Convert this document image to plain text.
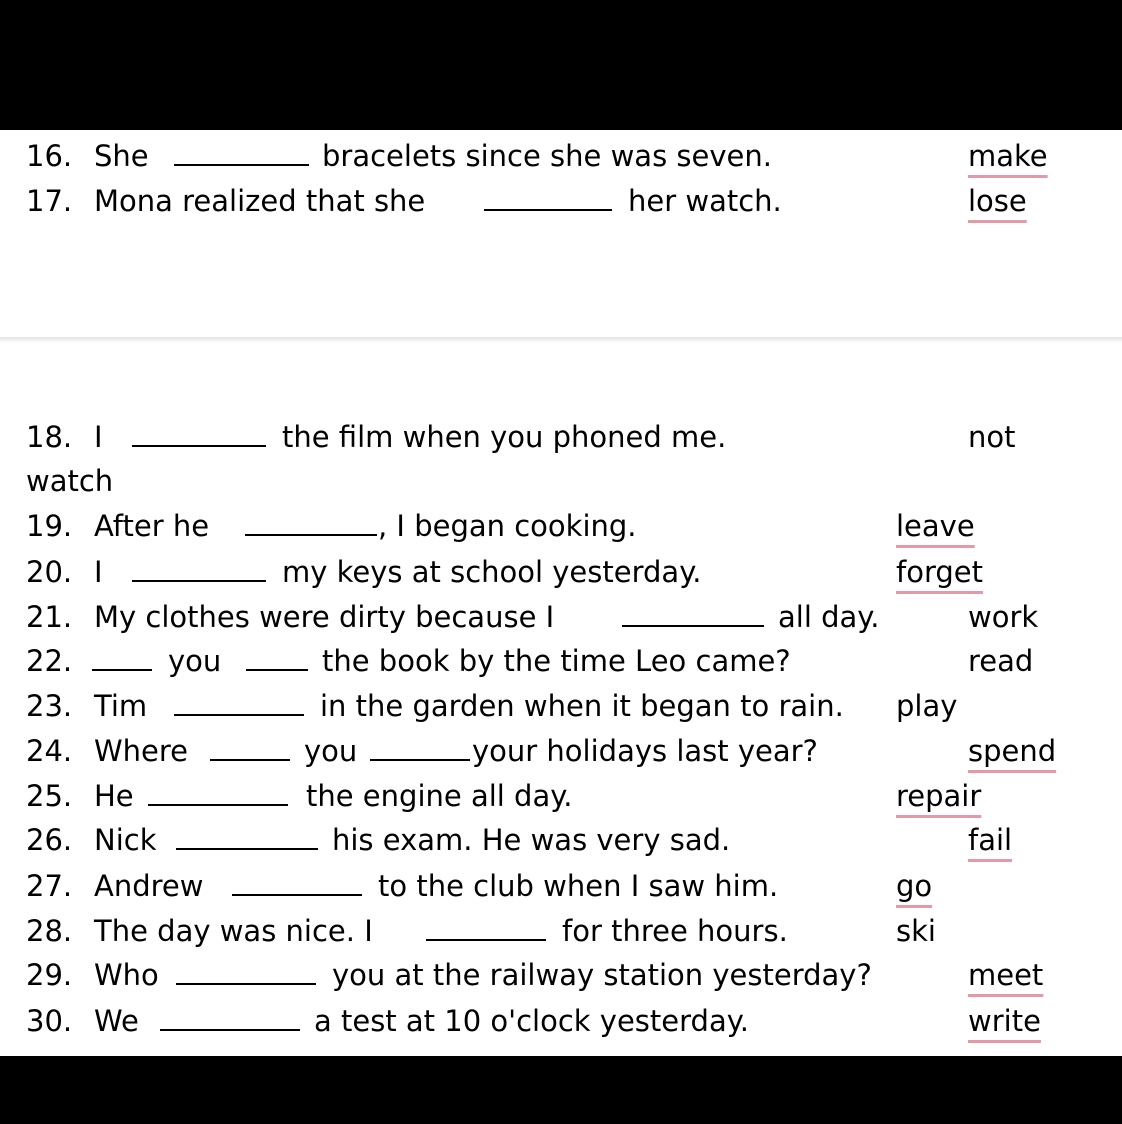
16. She	bracelets since she was seven.	make
17. Mona realized that she	her watch.	lose
18. I	the film when you phoned me.	not
watch
19. After he	, I began cooking.	leave
20. I	my keys at school yesterday.	forget
21. My clothes were dirty because I	all day.	work
22.	you	the book by the time Leo came?	read
23. Tim	in the garden when it began to rain. play
24. Where	you	your holidays last year?	spend
25. He	the engine all day.	repair
26. Nick	his exam. He was very sad.	fail
27. Andrew	to the club when I saw him.	go
28. The day was nice. I	for three hours.	ski
29. Who	you at the railway station yesterday?	meet
30. We	a test at 10 o'clock yesterday.	write
